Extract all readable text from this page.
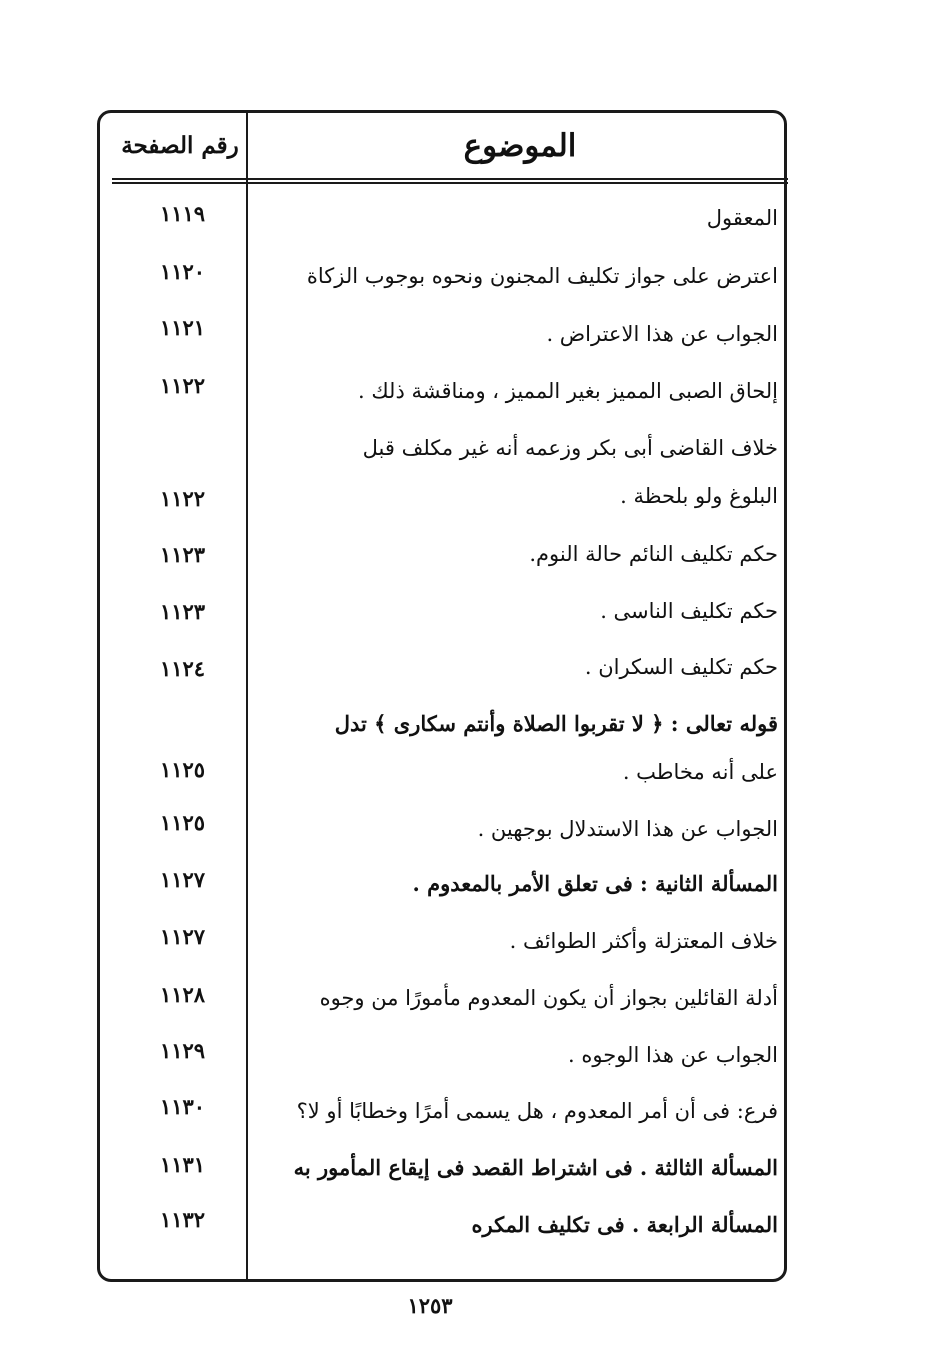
الموضوع
رقم الصفحة
المعقول
١١١٩
اعترض على جواز تكليف المجنون ونحوه بوجوب الزكاة
١١٢٠
الجواب عن هذا الاعتراض .
١١٢١
إلحاق الصبى المميز بغير المميز ، ومناقشة ذلك .
١١٢٢
خلاف القاضى أبى بكر وزعمه أنه غير مكلف قبل
البلوغ ولو بلحظة .
١١٢٢
حكم تكليف النائم حالة النوم.
١١٢٣
حكم تكليف الناسى .
١١٢٣
حكم تكليف السكران .
١١٢٤
قوله تعالى : ﴿ لا تقربوا الصلاة وأنتم سكارى ﴾ تدل
على أنه مخاطب .
١١٢٥
الجواب عن هذا الاستدلال بوجهين .
١١٢٥
المسألة الثانية : فى تعلق الأمر بالمعدوم .
١١٢٧
خلاف المعتزلة وأكثر الطوائف .
١١٢٧
أدلة القائلين بجواز أن يكون المعدوم مأمورًا من وجوه
١١٢٨
الجواب عن هذا الوجوه .
١١٢٩
فرع: فى أن أمر المعدوم ، هل يسمى أمرًا وخطابًا أو لا؟
١١٣٠
المسألة الثالثة . فى اشتراط القصد فى إيقاع المأمور به
١١٣١
المسألة الرابعة . فى تكليف المكره
١١٣٢
١٢٥٣
